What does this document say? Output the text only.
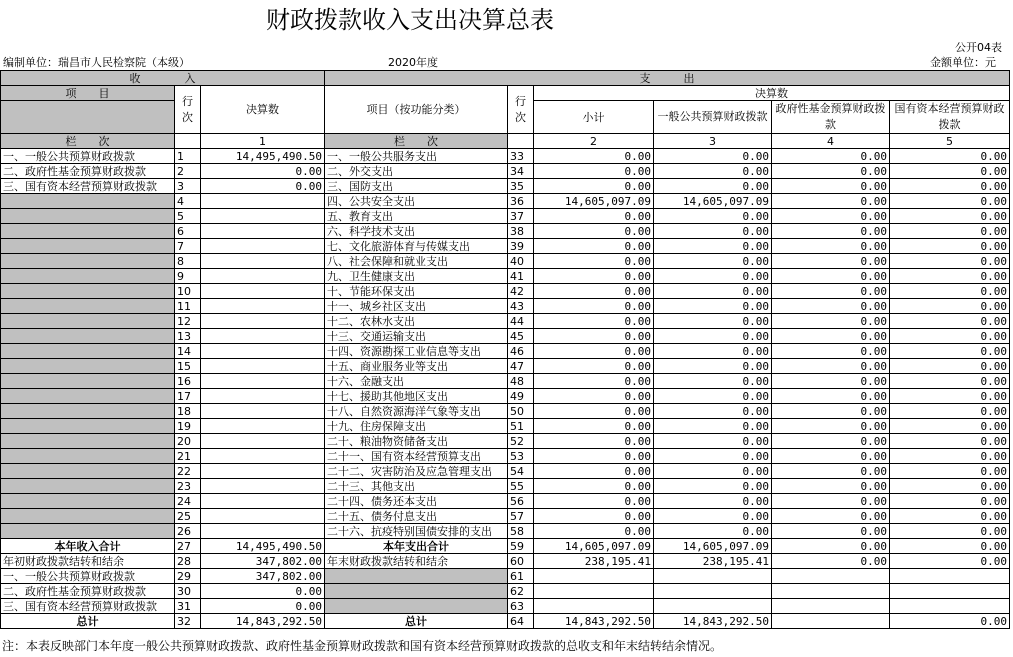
财政拨款收入支出决算总表
公开04表
编制单位：瑞昌市人民检察院（本级）	2020年度	金额单位：元
收　　　　入			支　　　出					
项　　目	行次	决算数	项目（按功能分类）	行次	决算数			
					小计	一般公共预算财政拨款	政府性基金预算财政拨款	国有资本经营预算财政拨款

栏　　次		1	栏　　次		2	3	4	5
一、一般公共预算财政拨款	1	14,495,490.50	一、一般公共服务支出	33	0.00	0.00	0.00	0.00
二、政府性基金预算财政拨款	2	0.00	二、外交支出	34	0.00	0.00	0.00	0.00
三、国有资本经营预算财政拨款	3	0.00	三、国防支出	35	0.00	0.00	0.00	0.00
	4		四、公共安全支出	36	14,605,097.09	14,605,097.09	0.00	0.00
	5		五、教育支出	37	0.00	0.00	0.00	0.00
	6		六、科学技术支出	38	0.00	0.00	0.00	0.00
	7		七、文化旅游体育与传媒支出	39	0.00	0.00	0.00	0.00
	8		八、社会保障和就业支出	40	0.00	0.00	0.00	0.00
	9		九、卫生健康支出	41	0.00	0.00	0.00	0.00
	10		十、节能环保支出	42	0.00	0.00	0.00	0.00
	11		十一、城乡社区支出	43	0.00	0.00	0.00	0.00
	12		十二、农林水支出	44	0.00	0.00	0.00	0.00
	13		十三、交通运输支出	45	0.00	0.00	0.00	0.00
	14		十四、资源勘探工业信息等支出	46	0.00	0.00	0.00	0.00
	15		十五、商业服务业等支出	47	0.00	0.00	0.00	0.00
	16		十六、金融支出	48	0.00	0.00	0.00	0.00
	17		十七、援助其他地区支出	49	0.00	0.00	0.00	0.00
	18		十八、自然资源海洋气象等支出	50	0.00	0.00	0.00	0.00
	19		十九、住房保障支出	51	0.00	0.00	0.00	0.00
	20		二十、粮油物资储备支出	52	0.00	0.00	0.00	0.00
	21		二十一、国有资本经营预算支出	53	0.00	0.00	0.00	0.00
	22		二十二、灾害防治及应急管理支出	54	0.00	0.00	0.00	0.00
	23		二十三、其他支出	55	0.00	0.00	0.00	0.00
	24		二十四、债务还本支出	56	0.00	0.00	0.00	0.00
	25		二十五、债务付息支出	57	0.00	0.00	0.00	0.00
	26		二十六、抗疫特别国债安排的支出	58	0.00	0.00	0.00	0.00
本年收入合计	27	14,495,490.50	本年支出合计	59	14,605,097.09	14,605,097.09	0.00	0.00
年初财政拨款结转和结余	28	347,802.00	年末财政拨款结转和结余	60	238,195.41	238,195.41	0.00	0.00
一、一般公共预算财政拨款	29	347,802.00		61				
二、政府性基金预算财政拨款	30	0.00		62				
三、国有资本经营预算财政拨款	31	0.00		63				
总计	32	14,843,292.50	总计	64	14,843,292.50	14,843,292.50		0.00
注：本表反映部门本年度一般公共预算财政拨款、政府性基金预算财政拨款和国有资本经营预算财政拨款的总收支和年末结转结余情况。
